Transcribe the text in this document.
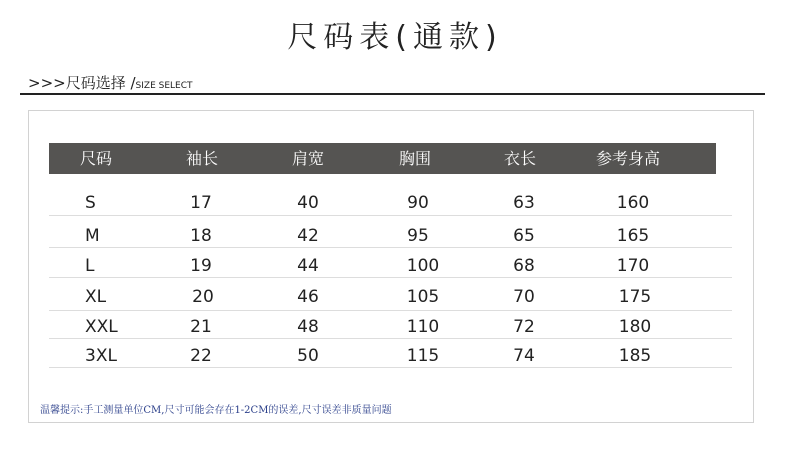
尺码表(通款)
>>>尺码选择 /SIZE SELECT
尺码	袖长	肩宽	胸围	衣长	参考身高
S	17	40	90	63	160
M	18	42	95	65	165
L	19	44	100	68	170
XL	20	46	105	70	175
XXL	21	48	110	72	180
3XL	22	50	115	74	185
温馨提示:手工测量单位CM,尺寸可能会存在1-2CM的误差,尺寸误差非质量问题
